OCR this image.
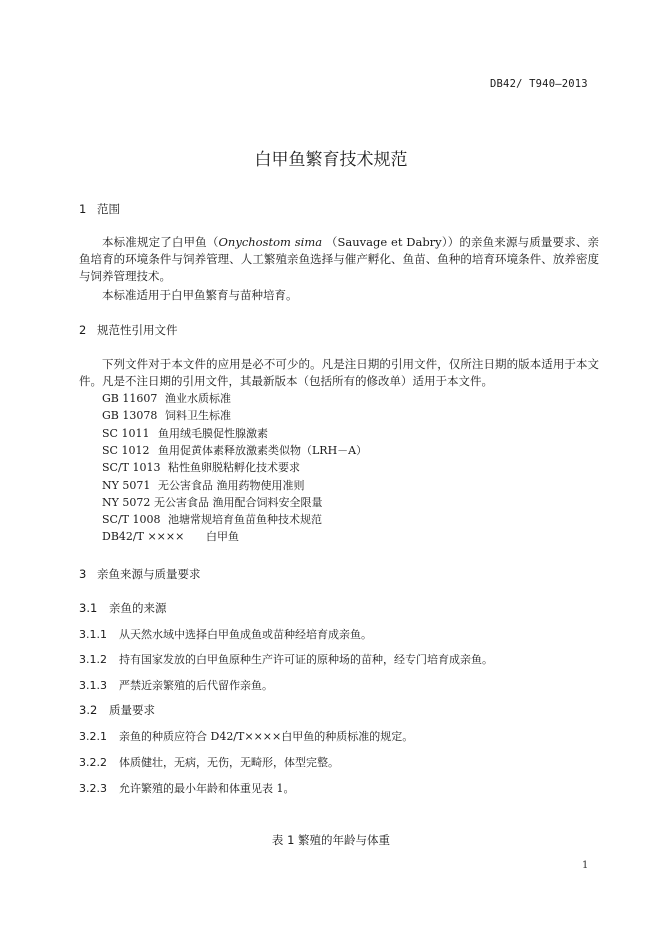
DB42/ T940—2013
白甲鱼繁育技术规范
1 范围
本标准规定了白甲鱼（Onychostom sima （Sauvage et Dabry））的亲鱼来源与质量要求、亲鱼培育的环境条件与饲养管理、人工繁殖亲鱼选择与催产孵化、鱼苗、鱼种的培育环境条件、放养密度与饲养管理技术。
本标准适用于白甲鱼繁育与苗种培育。
2 规范性引用文件
下列文件对于本文件的应用是必不可少的。凡是注日期的引用文件，仅所注日期的版本适用于本文件。凡是不注日期的引用文件，其最新版本（包括所有的修改单）适用于本文件。
GB 11607 渔业水质标准
GB 13078 饲料卫生标准
SC 1011 鱼用绒毛膜促性腺激素
SC 1012 鱼用促黄体素释放激素类似物（LRH－A）
SC/T 1013 粘性鱼卵脱粘孵化技术要求
NY 5071 无公害食品 渔用药物使用准则
NY 5072 无公害食品 渔用配合饲料安全限量
SC/T 1008 池塘常规培育鱼苗鱼种技术规范
DB42/T ×××× 白甲鱼
3 亲鱼来源与质量要求
3.1 亲鱼的来源
3.1.1 从天然水域中选择白甲鱼成鱼或苗种经培育成亲鱼。
3.1.2 持有国家发放的白甲鱼原种生产许可证的原种场的苗种，经专门培育成亲鱼。
3.1.3 严禁近亲繁殖的后代留作亲鱼。
3.2 质量要求
3.2.1 亲鱼的种质应符合 D42/T××××白甲鱼的种质标准的规定。
3.2.2 体质健壮，无病，无伤，无畸形，体型完整。
3.2.3 允许繁殖的最小年龄和体重见表 1。
表 1 繁殖的年龄与体重
1
